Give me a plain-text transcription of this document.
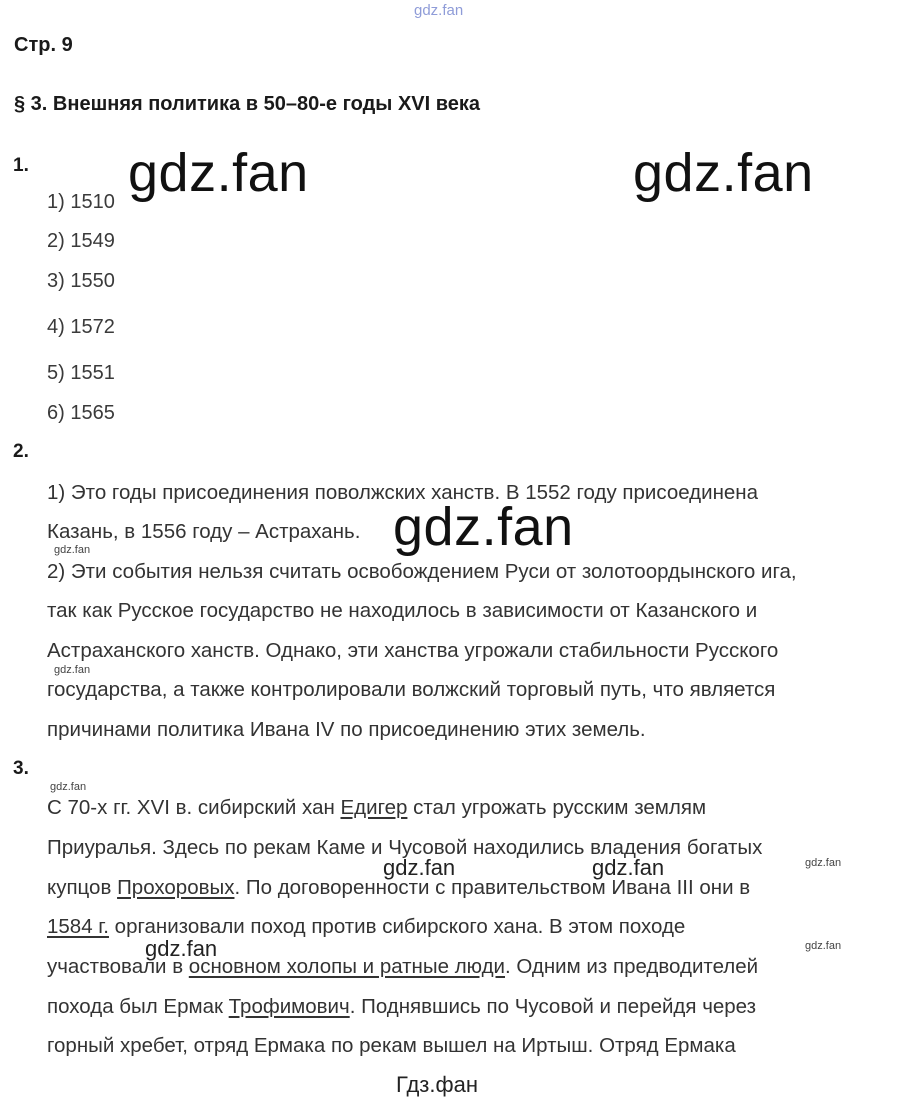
gdz.fan
Стр. 9
§ 3. Внешняя политика в 50–80-е годы XVI века
1.
1) 1510
2) 1549
3) 1550
4) 1572
5) 1551
6) 1565
2.
1) Это годы присоединения поволжских ханств. В 1552 году присоединена
Казань, в 1556 году – Астрахань.
2) Эти события нельзя считать освобождением Руси от золотоордынского ига,
так как Русское государство не находилось в зависимости от Казанского и
Астраханского ханств. Однако, эти ханства угрожали стабильности Русского
государства, а также контролировали волжский торговый путь, что является
причинами политика Ивана IV по присоединению этих земель.
3.
С 70-х гг. XVI в. сибирский хан Едигер стал угрожать русским землям
Приуралья. Здесь по рекам Каме и Чусовой находились владения богатых
купцов Прохоровых. По договоренности с правительством Ивана III они в
1584 г. организовали поход против сибирского хана. В этом походе
участвовали в основном холопы и ратные люди. Одним из предводителей
похода был Ермак Трофимович. Поднявшись по Чусовой и перейдя через
горный хребет, отряд Ермака по рекам вышел на Иртыш. Отряд Ермака
gdz.fan	gdz.fan
gdz.fan
gdz.fan	gdz.fan
gdz.fan
gdz.fan
gdz.fan
gdz.fan
gdz.fan
gdz.fan
Гдз.фан
